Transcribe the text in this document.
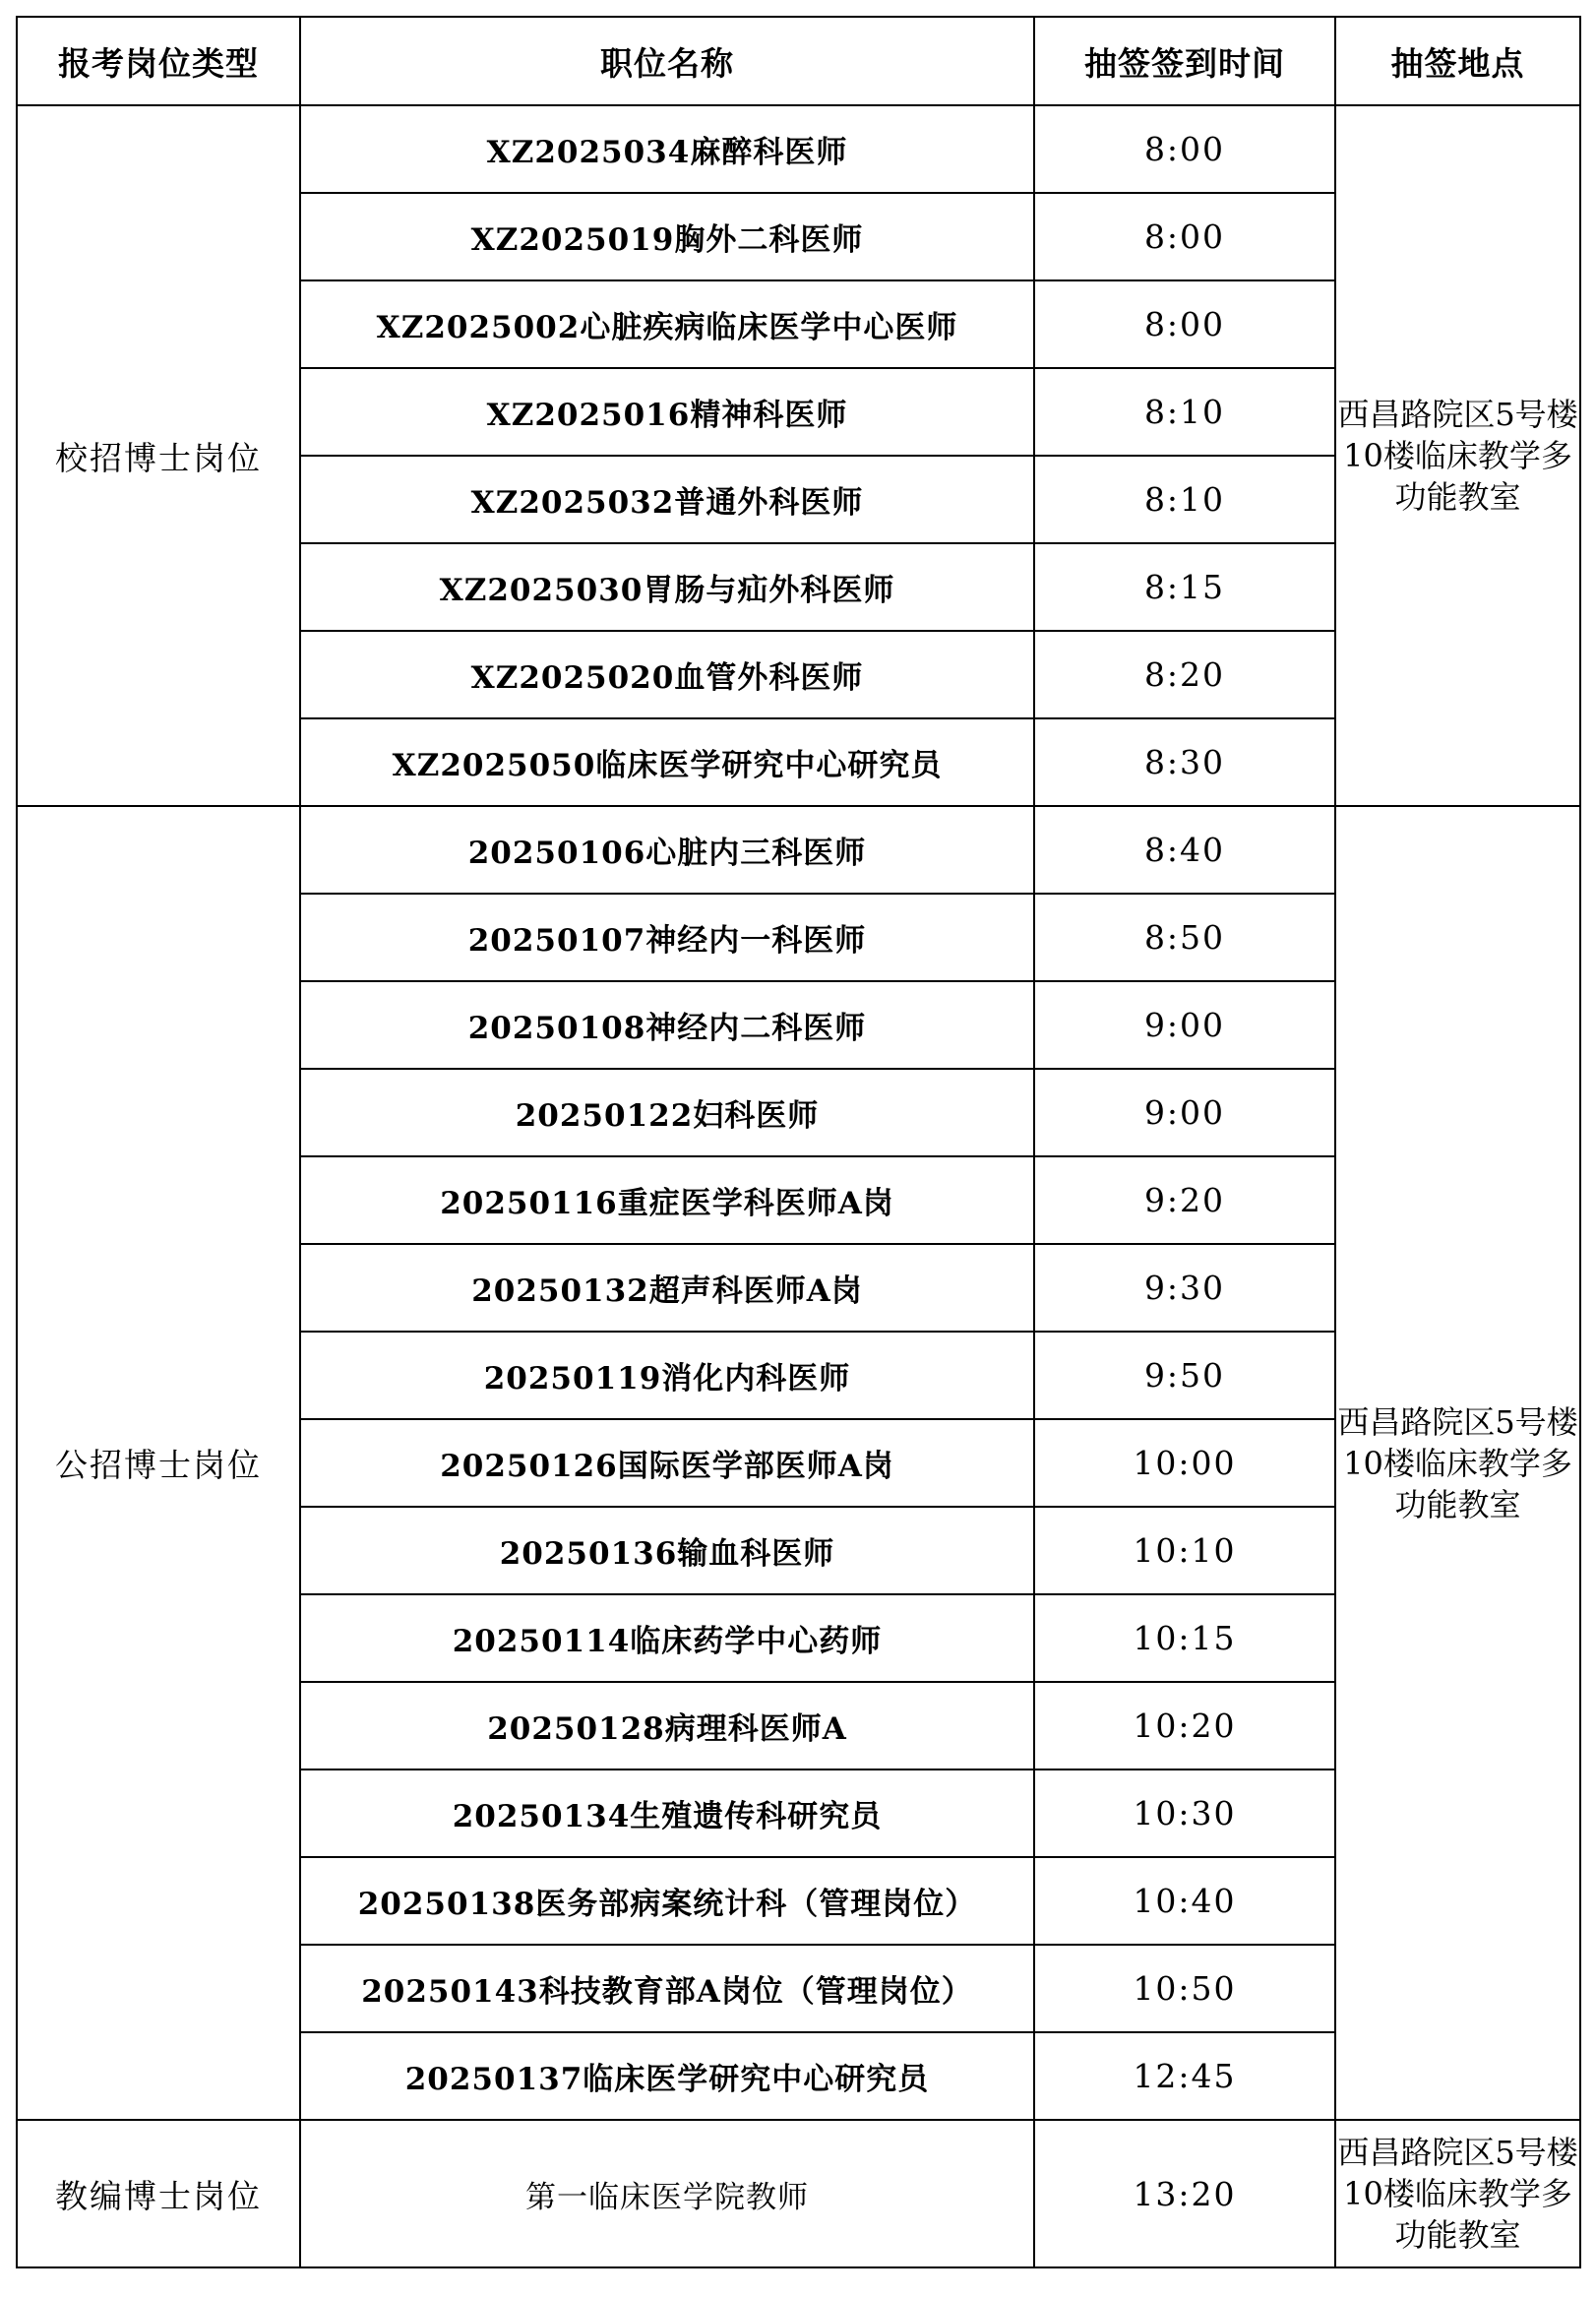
报考岗位类型	职位名称	抽签签到时间	抽签地点
校招博士岗位	XZ2025034麻醉科医师	8:00	西昌路院区5号楼10楼临床教学多功能教室
	XZ2025019胸外二科医师	8:00	
	XZ2025002心脏疾病临床医学中心医师	8:00	
	XZ2025016精神科医师	8:10	
	XZ2025032普通外科医师	8:10	
	XZ2025030胃肠与疝外科医师	8:15	
	XZ2025020血管外科医师	8:20	
	XZ2025050临床医学研究中心研究员	8:30	
公招博士岗位	20250106心脏内三科医师	8:40	西昌路院区5号楼10楼临床教学多功能教室
	20250107神经内一科医师	8:50	
	20250108神经内二科医师	9:00	
	20250122妇科医师	9:00	
	20250116重症医学科医师A岗	9:20	
	20250132超声科医师A岗	9:30	
	20250119消化内科医师	9:50	
	20250126国际医学部医师A岗	10:00	
	20250136输血科医师	10:10	
	20250114临床药学中心药师	10:15	
	20250128病理科医师A	10:20	
	20250134生殖遗传科研究员	10:30	
	20250138医务部病案统计科（管理岗位）	10:40	
	20250143科技教育部A岗位（管理岗位）	10:50	
	20250137临床医学研究中心研究员	12:45	
教编博士岗位	第一临床医学院教师	13:20	西昌路院区5号楼10楼临床教学多功能教室
